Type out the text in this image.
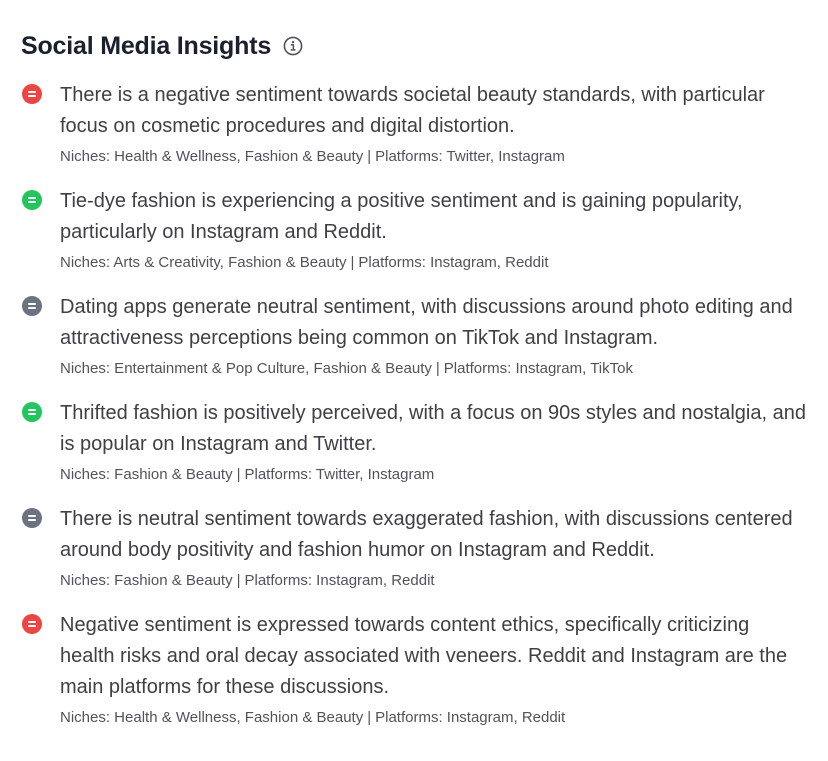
Social Media Insights

There is a negative sentiment towards societal beauty standards, with particular focus on cosmetic procedures and digital distortion.

Niches: Health & Wellness, Fashion & Beauty | Platforms: Twitter, Instagram

Tie-dye fashion is experiencing a positive sentiment and is gaining popularity, particularly on Instagram and Reddit.

Niches: Arts & Creativity, Fashion & Beauty | Platforms: Instagram, Reddit

Dating apps generate neutral sentiment, with discussions around photo editing and attractiveness perceptions being common on TikTok and Instagram.

Niches: Entertainment & Pop Culture, Fashion & Beauty | Platforms: Instagram, TikTok

Thrifted fashion is positively perceived, with a focus on 90s styles and nostalgia, and is popular on Instagram and Twitter.

Niches: Fashion & Beauty | Platforms: Twitter, Instagram

There is neutral sentiment towards exaggerated fashion, with discussions centered around body positivity and fashion humor on Instagram and Reddit.

Niches: Fashion & Beauty | Platforms: Instagram, Reddit

Negative sentiment is expressed towards content ethics, specifically criticizing health risks and oral decay associated with veneers. Reddit and Instagram are the main platforms for these discussions.

Niches: Health & Wellness, Fashion & Beauty | Platforms: Instagram, Reddit
